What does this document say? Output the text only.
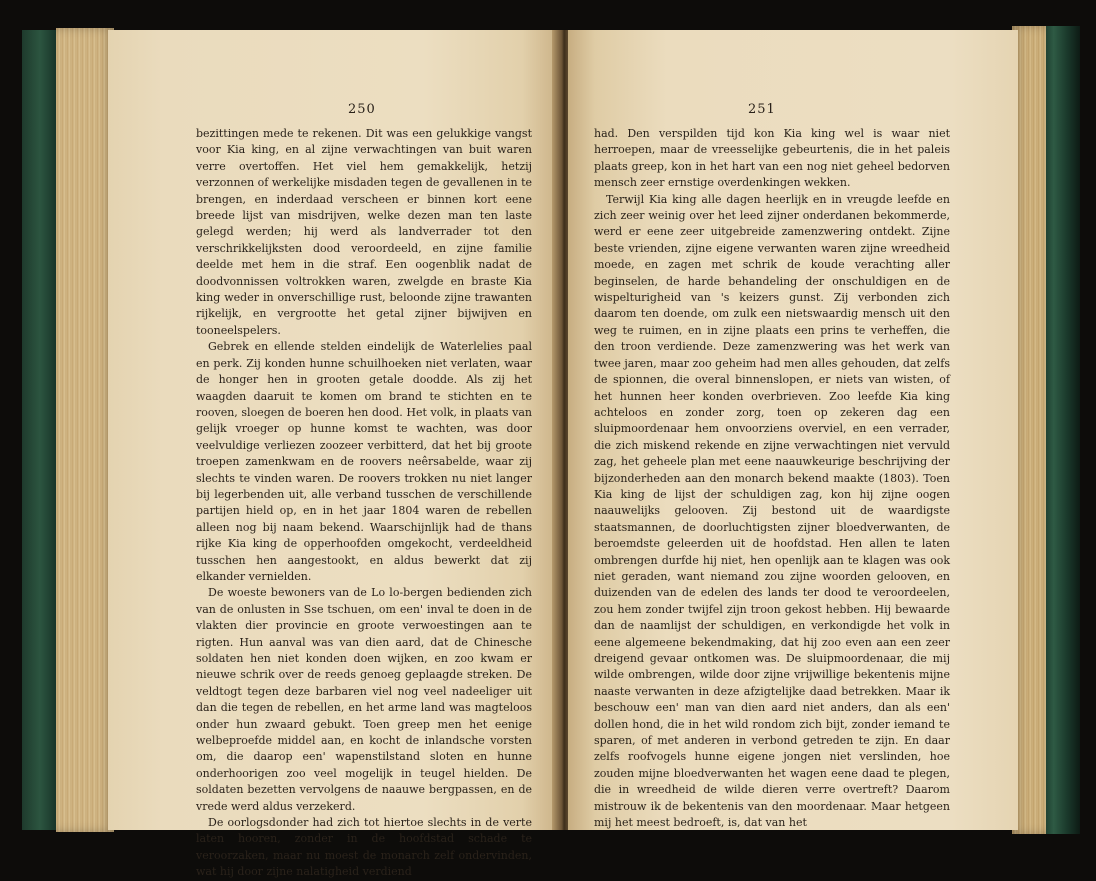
250

bezittingen mede te rekenen. Dit was een gelukkige vangst voor Kia king, en al zijne verwachtingen van buit waren verre overtoffen. Het viel hem gemakkelijk, hetzij verzonnen of werkelijke misdaden tegen de gevallenen in te brengen, en inderdaad verscheen er binnen kort eene breede lijst van misdrijven, welke dezen man ten laste gelegd werden; hij werd als landverrader tot den verschrikkelijksten dood veroordeeld, en zijne familie deelde met hem in die straf. Een oogenblik nadat de doodvonnissen voltrokken waren, zwelgde en braste Kia king weder in onverschillige rust, beloonde zijne trawanten rijkelijk, en vergrootte het getal zijner bijwijven en tooneelspelers.

Gebrek en ellende stelden eindelijk de Waterlelies paal en perk. Zij konden hunne schuilhoeken niet verlaten, waar de honger hen in grooten getale doodde. Als zij het waagden daaruit te komen om brand te stichten en te rooven, sloegen de boeren hen dood. Het volk, in plaats van gelijk vroeger op hunne komst te wachten, was door veelvuldige verliezen zoozeer verbitterd, dat het bij groote troepen zamenkwam en de roovers neêrsabelde, waar zij slechts te vinden waren. De roovers trokken nu niet langer bij legerbenden uit, alle verband tusschen de verschillende partijen hield op, en in het jaar 1804 waren de rebellen alleen nog bij naam bekend. Waarschijnlijk had de thans rijke Kia king de opperhoofden omgekocht, verdeeldheid tusschen hen aangestookt, en aldus bewerkt dat zij elkander vernielden.

De woeste bewoners van de Lo lo-bergen bedienden zich van de onlusten in Sse tschuen, om een' inval te doen in de vlakten dier provincie en groote verwoestingen aan te rigten. Hun aanval was van dien aard, dat de Chinesche soldaten hen niet konden doen wijken, en zoo kwam er nieuwe schrik over de reeds genoeg geplaagde streken. De veldtogt tegen deze barbaren viel nog veel nadeeliger uit dan die tegen de rebellen, en het arme land was magteloos onder hun zwaard gebukt. Toen greep men het eenige welbeproefde middel aan, en kocht de inlandsche vorsten om, die daarop een' wapenstilstand sloten en hunne onderhoorigen zoo veel mogelijk in teugel hielden. De soldaten bezetten vervolgens de naauwe bergpassen, en de vrede werd aldus verzekerd.

De oorlogsdonder had zich tot hiertoe slechts in de verte laten hooren, zonder in de hoofdstad schade te veroorzaken, maar nu moest de monarch zelf ondervinden, wat hij door zijne nalatigheid verdiend

251

had. Den verspilden tijd kon Kia king wel is waar niet herroepen, maar de vreesselijke gebeurtenis, die in het paleis plaats greep, kon in het hart van een nog niet geheel bedorven mensch zeer ernstige overdenkingen wekken.

Terwijl Kia king alle dagen heerlijk en in vreugde leefde en zich zeer weinig over het leed zijner onderdanen bekommerde, werd er eene zeer uitgebreide zamenzwering ontdekt. Zijne beste vrienden, zijne eigene verwanten waren zijne wreedheid moede, en zagen met schrik de koude verachting aller beginselen, de harde behandeling der onschuldigen en de wispelturigheid van 's keizers gunst. Zij verbonden zich daarom ten doende, om zulk een nietswaardig mensch uit den weg te ruimen, en in zijne plaats een prins te verheffen, die den troon verdiende. Deze zamenzwering was het werk van twee jaren, maar zoo geheim had men alles gehouden, dat zelfs de spionnen, die overal binnenslopen, er niets van wisten, of het hunnen heer konden overbrieven. Zoo leefde Kia king achteloos en zonder zorg, toen op zekeren dag een sluipmoordenaar hem onvoorziens overviel, en een verrader, die zich miskend rekende en zijne verwachtingen niet vervuld zag, het geheele plan met eene naauwkeurige beschrijving der bijzonderheden aan den monarch bekend maakte (1803). Toen Kia king de lijst der schuldigen zag, kon hij zijne oogen naauwelijks gelooven. Zij bestond uit de waardigste staatsmannen, de doorluchtigsten zijner bloedverwanten, de beroemdste geleerden uit de hoofdstad. Hen allen te laten ombrengen durfde hij niet, hen openlijk aan te klagen was ook niet geraden, want niemand zou zijne woorden gelooven, en duizenden van de edelen des lands ter dood te veroordeelen, zou hem zonder twijfel zijn troon gekost hebben. Hij bewaarde dan de naamlijst der schuldigen, en verkondigde het volk in eene algemeene bekendmaking, dat hij zoo even aan een zeer dreigend gevaar ontkomen was. De sluipmoordenaar, die mij wilde ombrengen, wilde door zijne vrijwillige bekentenis mijne naaste verwanten in deze afzigtelijke daad betrekken. Maar ik beschouw een' man van dien aard niet anders, dan als een' dollen hond, die in het wild rondom zich bijt, zonder iemand te sparen, of met anderen in verbond getreden te zijn. En daar zelfs roofvogels hunne eigene jongen niet verslinden, hoe zouden mijne bloedverwanten het wagen eene daad te plegen, die in wreedheid de wilde dieren verre overtreft? Daarom mistrouw ik de bekentenis van den moordenaar. Maar hetgeen mij het meest bedroeft, is, dat van het
